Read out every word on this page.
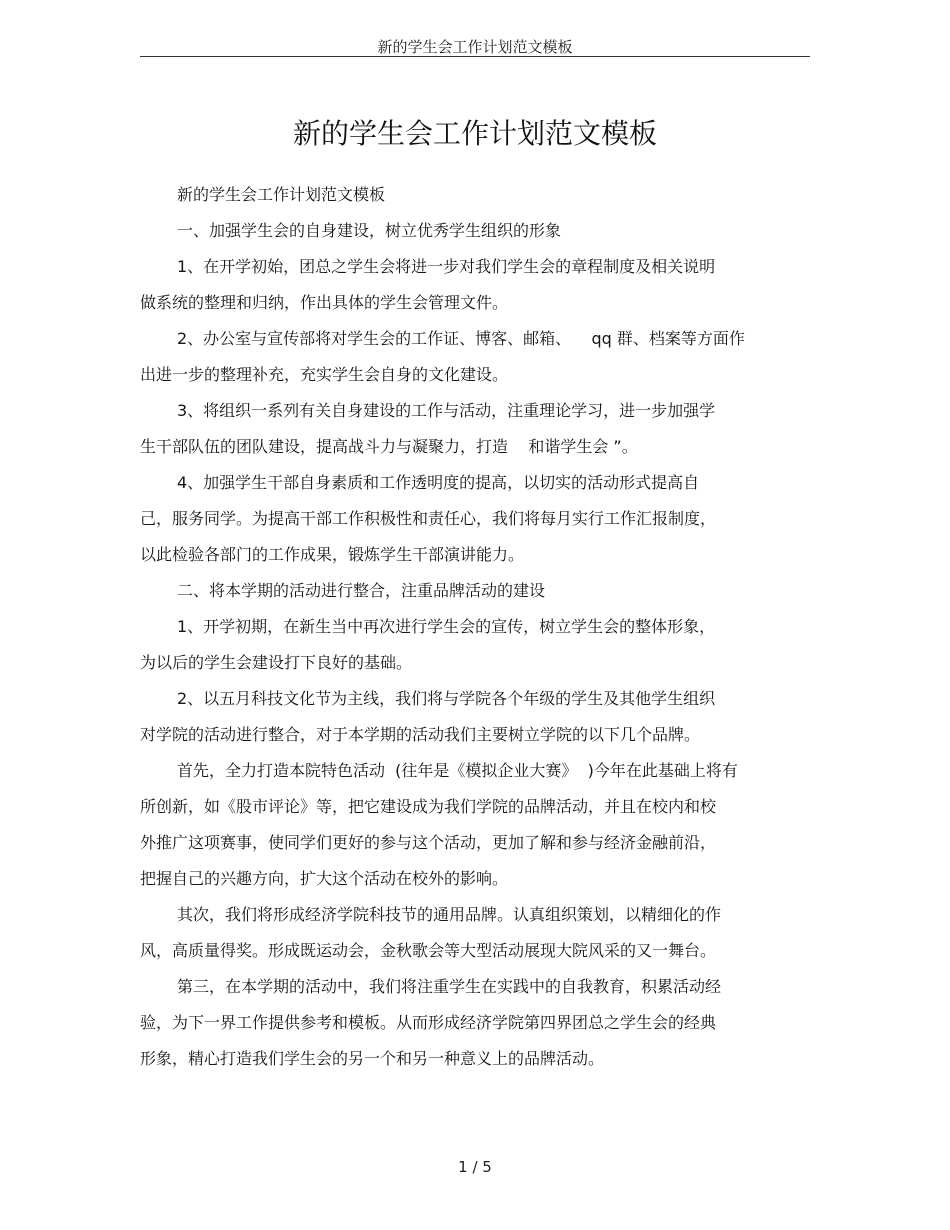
新的学生会工作计划范文模板
新的学生会工作计划范文模板
新的学生会工作计划范文模板
一、加强学生会的自身建设，树立优秀学生组织的形象
1、在开学初始，团总之学生会将进一步对我们学生会的章程制度及相关说明
做系统的整理和归纳，作出具体的学生会管理文件。
2、办公室与宣传部将对学生会的工作证、博客、邮箱、    qq 群、档案等方面作
出进一步的整理补充，充实学生会自身的文化建设。
3、将组织一系列有关自身建设的工作与活动，注重理论学习，进一步加强学
生干部队伍的团队建设，提高战斗力与凝聚力，打造    和谐学生会 ”。
4、加强学生干部自身素质和工作透明度的提高，以切实的活动形式提高自
己，服务同学。为提高干部工作积极性和责任心，我们将每月实行工作汇报制度，
以此检验各部门的工作成果，锻炼学生干部演讲能力。
二、将本学期的活动进行整合，注重品牌活动的建设
1、开学初期，在新生当中再次进行学生会的宣传，树立学生会的整体形象，
为以后的学生会建设打下良好的基础。
2、以五月科技文化节为主线，我们将与学院各个年级的学生及其他学生组织
对学院的活动进行整合，对于本学期的活动我们主要树立学院的以下几个品牌。
首先，全力打造本院特色活动  (往年是《模拟企业大赛》  )今年在此基础上将有
所创新，如《股市评论》等，把它建设成为我们学院的品牌活动，并且在校内和校
外推广这项赛事，使同学们更好的参与这个活动，更加了解和参与经济金融前沿，
把握自己的兴趣方向，扩大这个活动在校外的影响。
其次，我们将形成经济学院科技节的通用品牌。认真组织策划，以精细化的作
风，高质量得奖。形成既运动会，金秋歌会等大型活动展现大院风采的又一舞台。
第三，在本学期的活动中，我们将注重学生在实践中的自我教育，积累活动经
验，为下一界工作提供参考和模板。从而形成经济学院第四界团总之学生会的经典
形象，精心打造我们学生会的另一个和另一种意义上的品牌活动。
1 / 5
